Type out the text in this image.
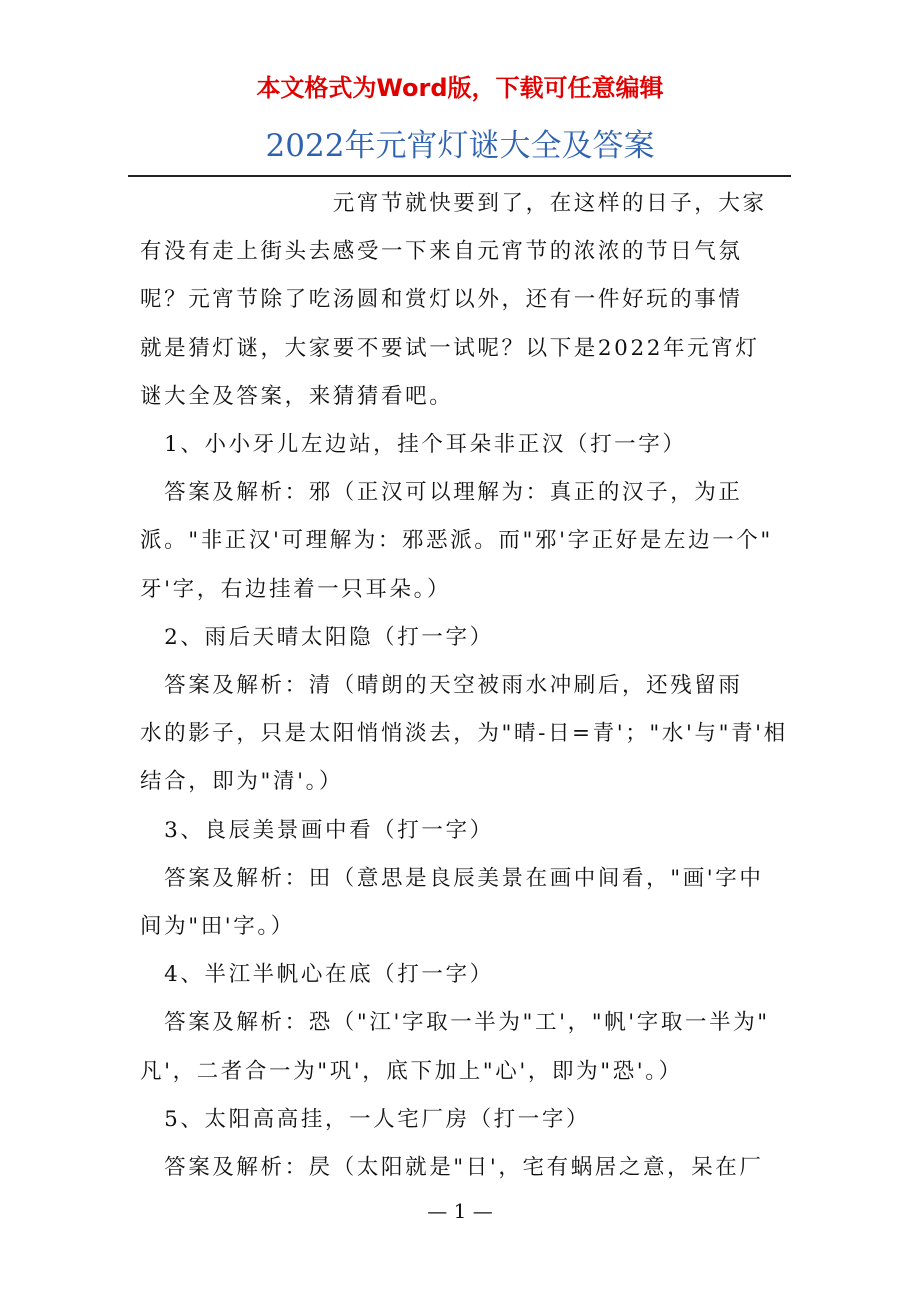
本文格式为Word版，下载可任意编辑
2022年元宵灯谜大全及答案

　　　　　　　　元宵节就快要到了，在这样的日子，大家
有没有走上街头去感受一下来自元宵节的浓浓的节日气氛
呢？元宵节除了吃汤圆和赏灯以外，还有一件好玩的事情
就是猜灯谜，大家要不要试一试呢？以下是2022年元宵灯
谜大全及答案，来猜猜看吧。

　1、小小牙儿左边站，挂个耳朵非正汉（打一字）

　答案及解析：邪（正汉可以理解为：真正的汉子，为正
派。"非正汉'可理解为：邪恶派。而"邪'字正好是左边一个"
牙'字，右边挂着一只耳朵。）

　2、雨后天晴太阳隐（打一字）

　答案及解析：清（晴朗的天空被雨水冲刷后，还残留雨
水的影子，只是太阳悄悄淡去，为"晴-日=青'；"水'与"青'相
结合，即为"清'。）

　3、良辰美景画中看（打一字）

　答案及解析：田（意思是良辰美景在画中间看，"画'字中
间为"田'字。）

　4、半江半帆心在底（打一字）

　答案及解析：恐（"江'字取一半为"工'，"帆'字取一半为"
凡'，二者合一为"巩'，底下加上"心'，即为"恐'。）

　5、太阳高高挂，一人宅厂房（打一字）

　答案及解析：昃（太阳就是"日'，宅有蜗居之意，呆在厂

— 1 —
